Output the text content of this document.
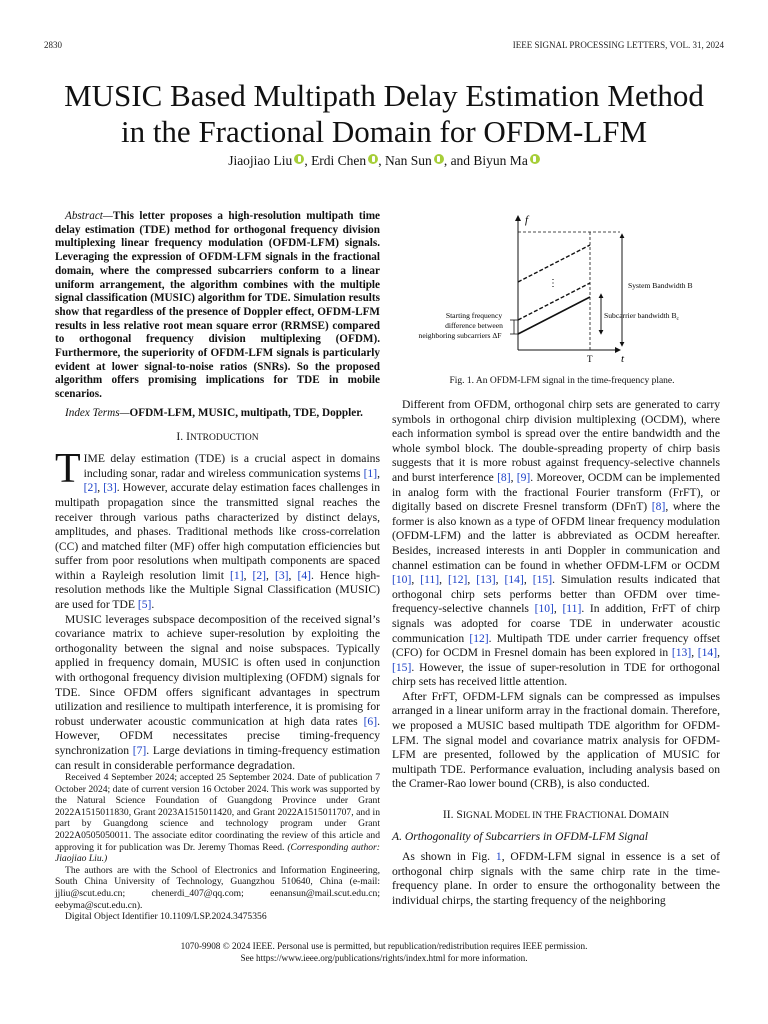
2830	IEEE SIGNAL PROCESSING LETTERS, VOL. 31, 2024
MUSIC Based Multipath Delay Estimation Method
in the Fractional Domain for OFDM-LFM
Jiaojiao Liu , Erdi Chen , Nan Sun , and Biyun Ma

Abstract—This letter proposes a high-resolution multipath time delay estimation (TDE) method for orthogonal frequency division multiplexing linear frequency modulation (OFDM-LFM) signals. Leveraging the expression of OFDM-LFM signals in the fractional domain, where the compressed subcarriers conform to a linear uniform arrangement, the algorithm combines with the multiple signal classification (MUSIC) algorithm for TDE. Simulation results show that regardless of the presence of Doppler effect, OFDM-LFM results in less relative root mean square error (RRMSE) compared to orthogonal frequency division multiplexing (OFDM). Furthermore, the superiority of OFDM-LFM signals is particularly evident at lower signal-to-noise ratios (SNRs). So the proposed algorithm offers promising implications for TDE in mobile scenarios.

Index Terms—OFDM-LFM, MUSIC, multipath, TDE, Doppler.

I. INTRODUCTION

TIME delay estimation (TDE) is a crucial aspect in domains including sonar, radar and wireless communication systems [1], [2], [3]. However, accurate delay estimation faces challenges in multipath propagation since the transmitted signal reaches the receiver through various paths characterized by distinct delays, amplitudes, and phases. Traditional methods like cross-correlation (CC) and matched filter (MF) offer high computation efficiencies but suffer from poor resolutions when multipath components are spaced within a Rayleigh resolution limit [1], [2], [3], [4]. Hence high-resolution methods like the Multiple Signal Classification (MUSIC) are used for TDE [5].

MUSIC leverages subspace decomposition of the received signal’s covariance matrix to achieve super-resolution by exploiting the orthogonality between the signal and noise subspaces. Typically applied in frequency domain, MUSIC is often used in conjunction with orthogonal frequency division multiplexing (OFDM) signals for TDE. Since OFDM offers significant advantages in spectrum utilization and resilience to multipath interference, it is promising for robust underwater acoustic communication at high data rates [6]. However, OFDM necessitates precise timing-frequency synchronization [7]. Large deviations in timing-frequency estimation can result in considerable performance degradation.

Received 4 September 2024; accepted 25 September 2024. Date of publication 7 October 2024; date of current version 16 October 2024. This work was supported by the Natural Science Foundation of Guangdong Province under Grant 2022A1515011830, Grant 2023A1515011420, and Grant 2022A1515011707, and in part by Guangdong science and technology program under Grant 2022A0505050011. The associate editor coordinating the review of this article and approving it for publication was Dr. Jeremy Thomas Reed. (Corresponding author: Jiaojiao Liu.)

The authors are with the School of Electronics and Information Engineering, South China University of Technology, Guangzhou 510640, China (e-mail: jjliu@scut.edu.cn; chenerdi_407@qq.com; eenansun@mail.scut.edu.cn; eebyma@scut.edu.cn).

Digital Object Identifier 10.1109/LSP.2024.3475356

f
t
T
⋮	System Bandwidth B
Subcarrier bandwidth $B_c$
Starting frequency
difference between
neighboring subcarriers ΔF
Fig. 1. An OFDM-LFM signal in the time-frequency plane.

Different from OFDM, orthogonal chirp sets are generated to carry symbols in orthogonal chirp division multiplexing (OCDM), where each information symbol is spread over the entire bandwidth and the whole symbol block. The double-spreading property of chirp basis suggests that it is more robust against frequency-selective channels and burst interference [8], [9]. Moreover, OCDM can be implemented in analog form with the fractional Fourier transform (FrFT), or digitally based on discrete Fresnel transform (DFnT) [8], where the former is also known as a type of OFDM linear frequency modulation (OFDM-LFM) and the latter is abbreviated as OCDM hereafter. Besides, increased interests in anti Doppler in communication and channel estimation can be found in whether OFDM-LFM or OCDM [10], [11], [12], [13], [14], [15]. Simulation results indicated that orthogonal chirp sets performs better than OFDM over time-frequency-selective channels [10], [11]. In addition, FrFT of chirp signals was adopted for coarse TDE in underwater acoustic communication [12]. Multipath TDE under carrier frequency offset (CFO) for OCDM in Fresnel domain has been explored in [13], [14], [15]. However, the issue of super-resolution in TDE for orthogonal chirp sets has received little attention.

After FrFT, OFDM-LFM signals can be compressed as impulses arranged in a linear uniform array in the fractional domain. Therefore, we proposed a MUSIC based multipath TDE algorithm for OFDM-LFM. The signal model and covariance matrix analysis for OFDM-LFM are presented, followed by the application of MUSIC for multipath TDE. Performance evaluation, including analysis based on the Cramer-Rao lower bound (CRB), is also conducted.

II. SIGNAL MODEL IN THE FRACTIONAL DOMAIN
A. Orthogonality of Subcarriers in OFDM-LFM Signal

As shown in Fig. 1, OFDM-LFM signal in essence is a set of orthogonal chirp signals with the same chirp rate in the time-frequency plane. In order to ensure the orthogonality between the individual chirps, the starting frequency of the neighboring

1070-9908 © 2024 IEEE. Personal use is permitted, but republication/redistribution requires IEEE permission.
See https://www.ieee.org/publications/rights/index.html for more information.
